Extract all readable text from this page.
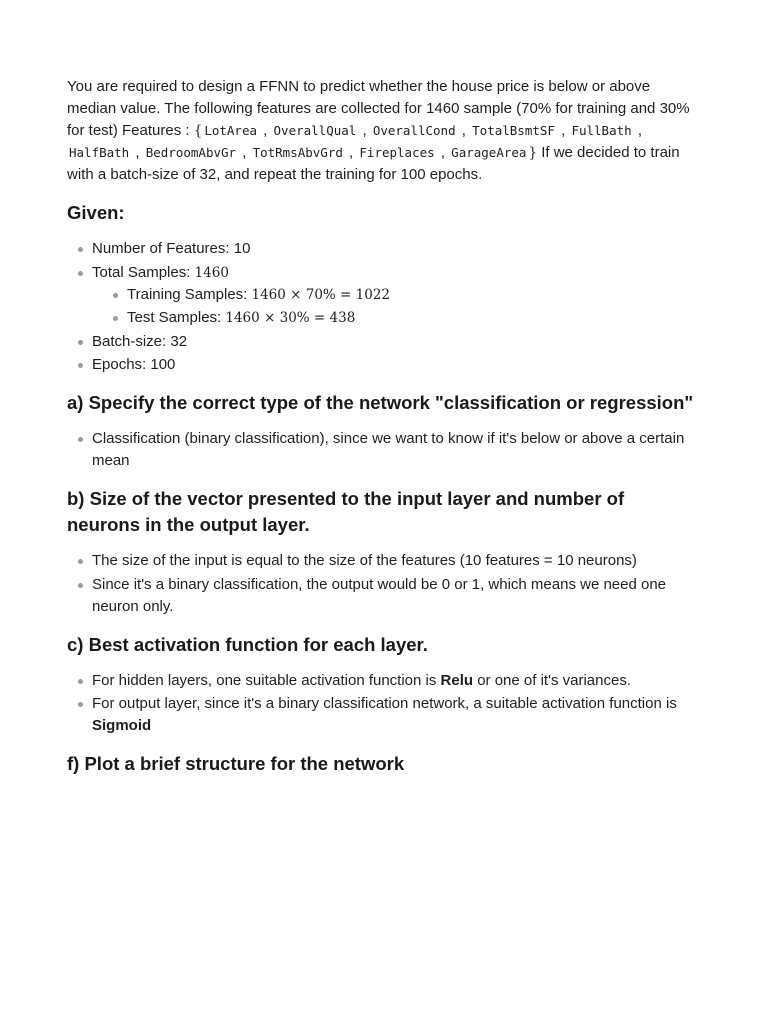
You are required to design a FFNN to predict whether the house price is below or above median value. The following features are collected for 1460 sample (70% for training and 30% for test) Features : { LotArea , OverallQual , OverallCond , TotalBsmtSF , FullBath , HalfBath , BedroomAbvGr , TotRmsAbvGrd , Fireplaces , GarageArea } If we decided to train with a batch-size of 32, and repeat the training for 100 epochs.

Given:
Number of Features: 10
Total Samples: 1460
Training Samples: 1460 × 70% = 1022
Test Samples: 1460 × 30% = 438
Batch-size: 32
Epochs: 100
a) Specify the correct type of the network "classification or regression"
Classification (binary classification), since we want to know if it's below or above a certain mean
b) Size of the vector presented to the input layer and number of neurons in the output layer.
The size of the input is equal to the size of the features (10 features = 10 neurons)
Since it's a binary classification, the output would be 0 or 1, which means we need one neuron only.
c) Best activation function for each layer.
For hidden layers, one suitable activation function is Relu or one of it's variances.
For output layer, since it's a binary classification network, a suitable activation function is Sigmoid
f) Plot a brief structure for the network
